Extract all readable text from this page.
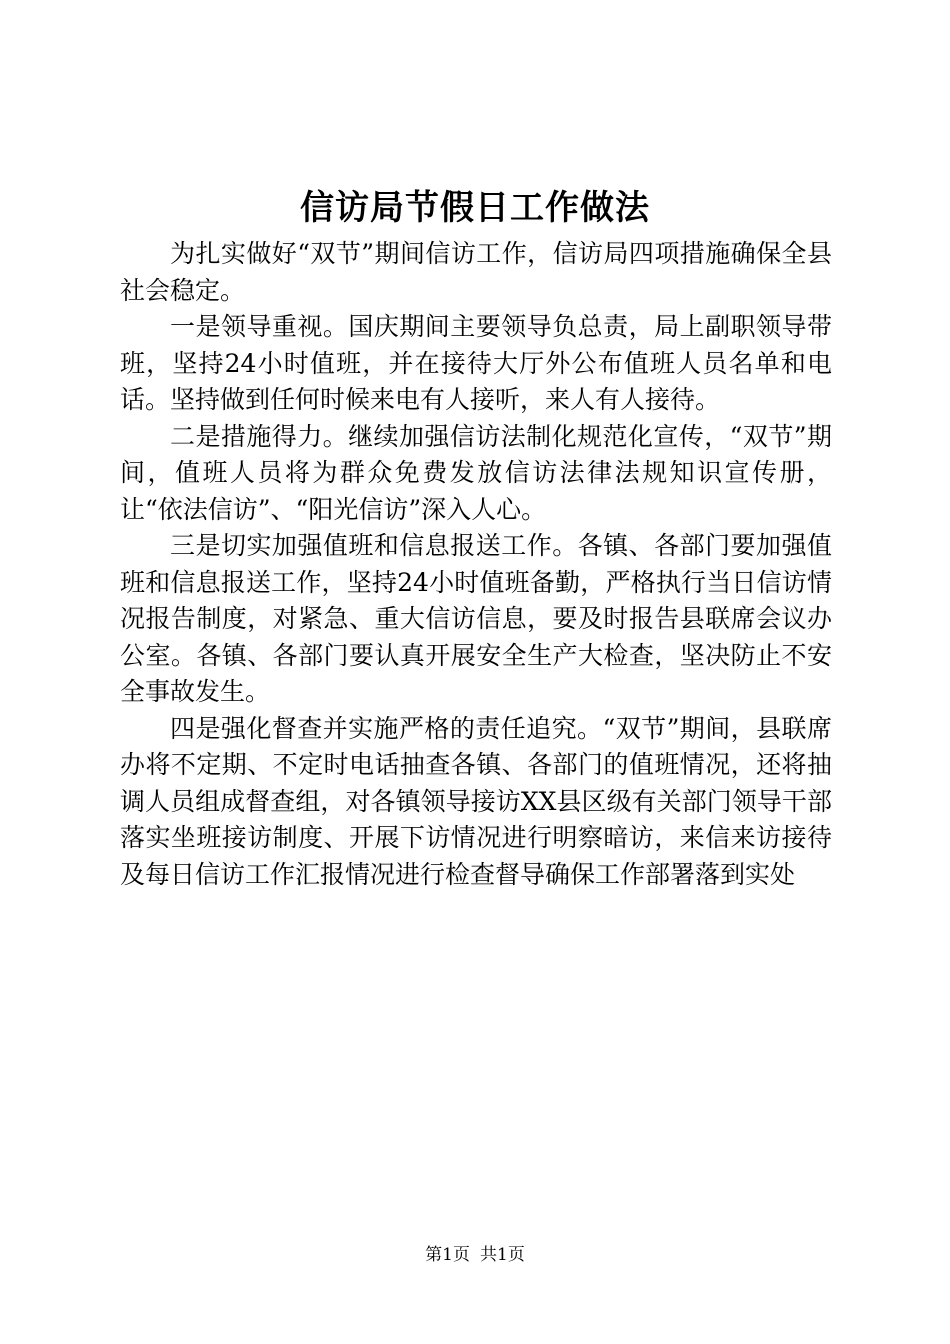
信访局节假日工作做法

为扎实做好“双节”期间信访工作，信访局四项措施确保全县社会稳定。

一是领导重视。国庆期间主要领导负总责，局上副职领导带班，坚持24小时值班，并在接待大厅外公布值班人员名单和电话。坚持做到任何时候来电有人接听，来人有人接待。

二是措施得力。继续加强信访法制化规范化宣传，“双节”期间，值班人员将为群众免费发放信访法律法规知识宣传册，让“依法信访”、“阳光信访”深入人心。

三是切实加强值班和信息报送工作。各镇、各部门要加强值班和信息报送工作，坚持24小时值班备勤，严格执行当日信访情况报告制度，对紧急、重大信访信息，要及时报告县联席会议办公室。各镇、各部门要认真开展安全生产大检查，坚决防止不安全事故发生。

四是强化督查并实施严格的责任追究。“双节”期间，县联席办将不定期、不定时电话抽查各镇、各部门的值班情况，还将抽调人员组成督查组，对各镇领导接访XX县区级有关部门领导干部落实坐班接访制度、开展下访情况进行明察暗访，来信来访接待及每日信访工作汇报情况进行检查督导确保工作部署落到实处

第1页 共1页
